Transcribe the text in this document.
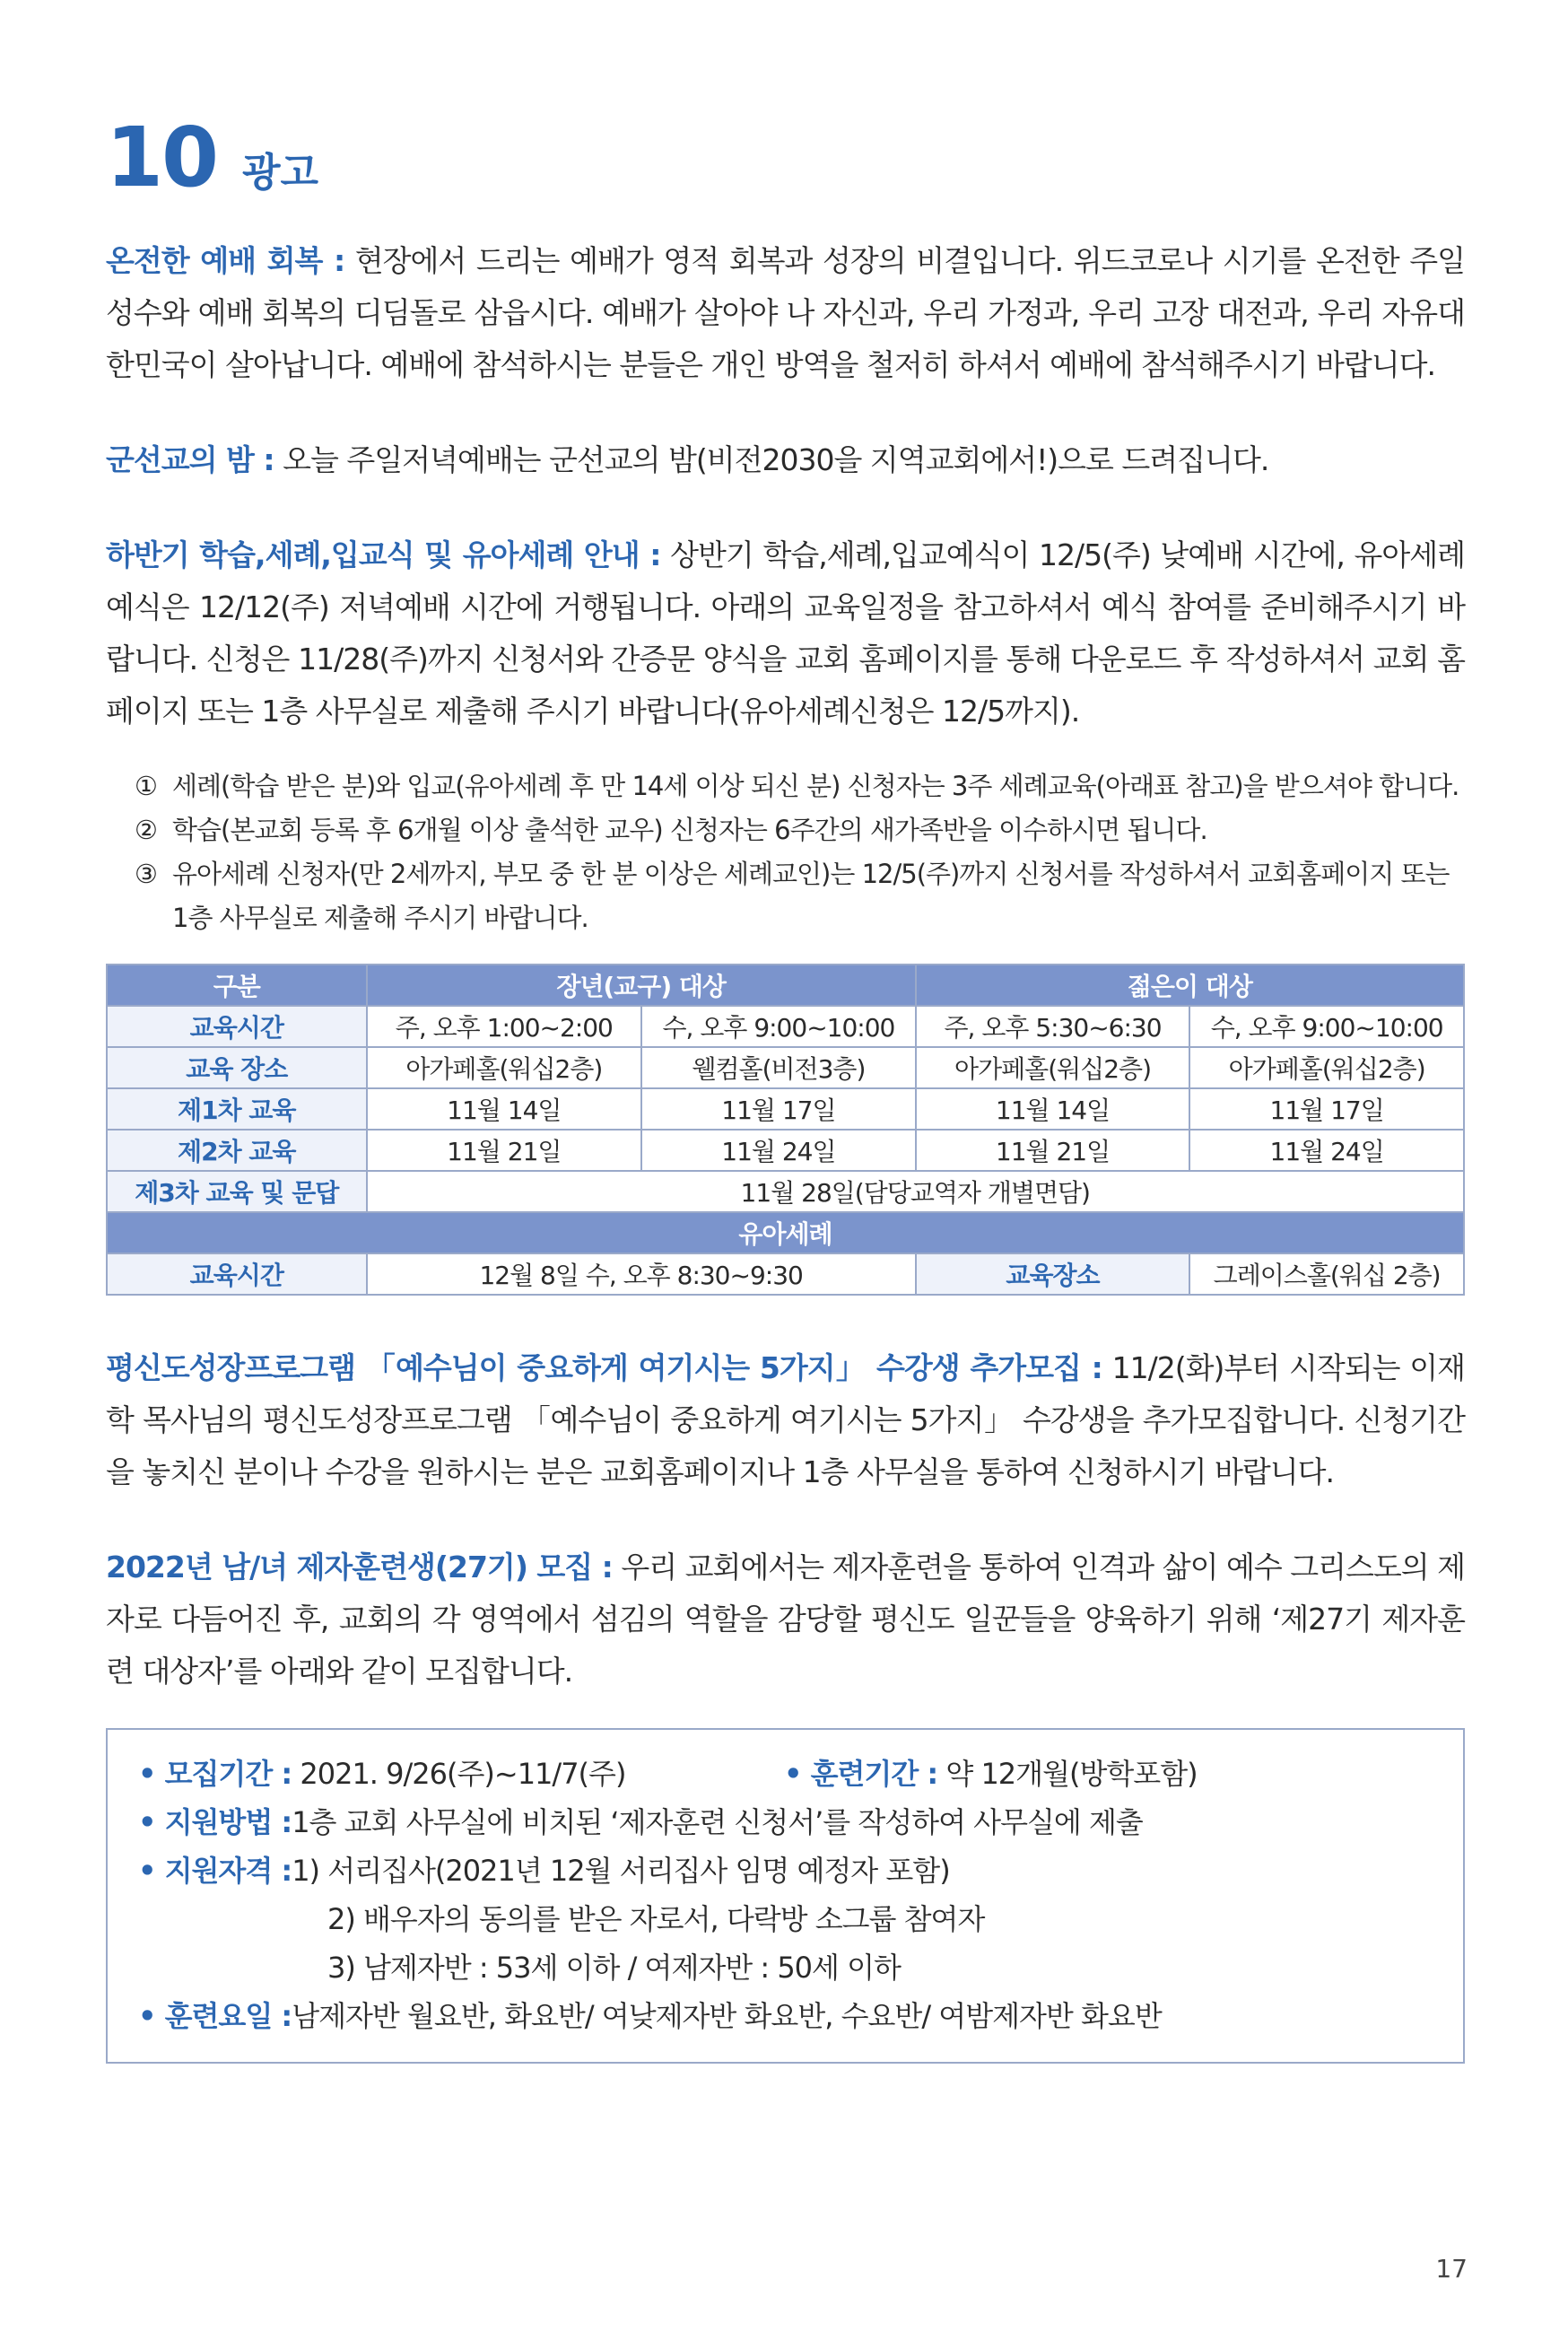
10 광고

온전한 예배 회복 : 현장에서 드리는 예배가 영적 회복과 성장의 비결입니다. 위드코로나 시기를 온전한 주일성수와 예배 회복의 디딤돌로 삼읍시다. 예배가 살아야 나 자신과, 우리 가정과, 우리 고장 대전과, 우리 자유대한민국이 살아납니다. 예배에 참석하시는 분들은 개인 방역을 철저히 하셔서 예배에 참석해주시기 바랍니다.

군선교의 밤 : 오늘 주일저녁예배는 군선교의 밤(비전2030을 지역교회에서!)으로 드려집니다.

하반기 학습,세례,입교식 및 유아세례 안내 : 상반기 학습,세례,입교예식이 12/5(주) 낮예배 시간에, 유아세례예식은 12/12(주) 저녁예배 시간에 거행됩니다. 아래의 교육일정을 참고하셔서 예식 참여를 준비해주시기 바랍니다. 신청은 11/28(주)까지 신청서와 간증문 양식을 교회 홈페이지를 통해 다운로드 후 작성하셔서 교회 홈페이지 또는 1층 사무실로 제출해 주시기 바랍니다(유아세례신청은 12/5까지).

① 세례(학습 받은 분)와 입교(유아세례 후 만 14세 이상 되신 분) 신청자는 3주 세례교육(아래표 참고)을 받으셔야 합니다.
② 학습(본교회 등록 후 6개월 이상 출석한 교우) 신청자는 6주간의 새가족반을 이수하시면 됩니다.
③ 유아세례 신청자(만 2세까지, 부모 중 한 분 이상은 세례교인)는 12/5(주)까지 신청서를 작성하셔서 교회홈페이지 또는 1층 사무실로 제출해 주시기 바랍니다.
구분	장년(교구) 대상		젊은이 대상	
교육시간	주, 오후 1:00~2:00	수, 오후 9:00~10:00	주, 오후 5:30~6:30	수, 오후 9:00~10:00
교육 장소	아가페홀(워십2층)	웰컴홀(비전3층)	아가페홀(워십2층)	아가페홀(워십2층)
제1차 교육	11월 14일	11월 17일	11월 14일	11월 17일
제2차 교육	11월 21일	11월 24일	11월 21일	11월 24일
제3차 교육 및 문답	11월 28일(담당교역자 개별면담)			
유아세례				
교육시간	12월 8일 수, 오후 8:30~9:30		교육장소	그레이스홀(워십 2층)

평신도성장프로그램 「예수님이 중요하게 여기시는 5가지」 수강생 추가모집 : 11/2(화)부터 시작되는 이재학 목사님의 평신도성장프로그램 「예수님이 중요하게 여기시는 5가지」 수강생을 추가모집합니다. 신청기간을 놓치신 분이나 수강을 원하시는 분은 교회홈페이지나 1층 사무실을 통하여 신청하시기 바랍니다.

2022년 남/녀 제자훈련생(27기) 모집 : 우리 교회에서는 제자훈련을 통하여 인격과 삶이 예수 그리스도의 제자로 다듬어진 후, 교회의 각 영역에서 섬김의 역할을 감당할 평신도 일꾼들을 양육하기 위해 ‘제27기 제자훈련 대상자’를 아래와 같이 모집합니다.

• 모집기간 : 2021. 9/26(주)~11/7(주)	• 훈련기간 : 약 12개월(방학포함)
• 지원방법 : 1층 교회 사무실에 비치된 ‘제자훈련 신청서’를 작성하여 사무실에 제출
• 지원자격 : 1) 서리집사(2021년 12월 서리집사 임명 예정자 포함)
2) 배우자의 동의를 받은 자로서, 다락방 소그룹 참여자
3) 남제자반 : 53세 이하 / 여제자반 : 50세 이하
• 훈련요일 : 남제자반 월요반, 화요반/ 여낮제자반 화요반, 수요반/ 여밤제자반 화요반
17
